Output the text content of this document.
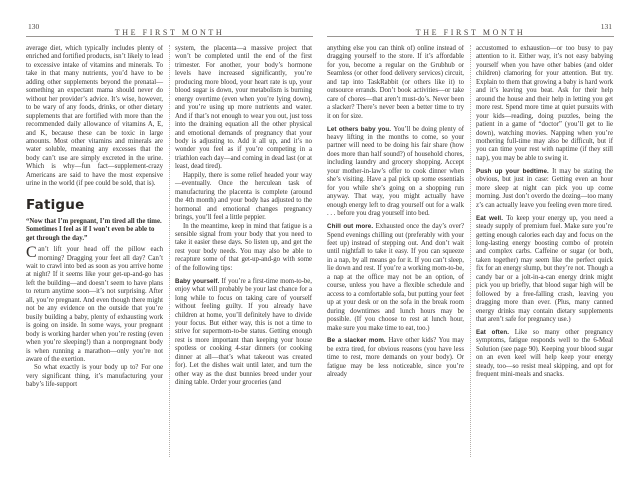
130
THE FIRST MONTH

average diet, which typically includes plenty of enriched and fortified products, isn’t likely to lead to excessive intake of vitamins and minerals. To take in that many nutrients, you’d have to be adding other supplements beyond the prenatal—something an expectant mama should never do without her provider’s advice. It’s wise, however, to be wary of any foods, drinks, or other dietary supplements that are fortified with more than the recommended daily allowance of vitamins A, E, and K, because these can be toxic in large amounts. Most other vitamins and minerals are water soluble, meaning any excesses that the body can’t use are simply excreted in the urine. Which is why—fun fact—supplement-crazy Americans are said to have the most expensive urine in the world (if pee could be sold, that is).

Fatigue

“Now that I’m pregnant, I’m tired all the time. Sometimes I feel as if I won’t even be able to get through the day.”

Can’t lift your head off the pillow each morning? Dragging your feet all day? Can’t wait to crawl into bed as soon as you arrive home at night? If it seems like your get-up-and-go has left the building—and doesn’t seem to have plans to return anytime soon—it’s not surprising. After all, you’re pregnant. And even though there might not be any evidence on the outside that you’re busily building a baby, plenty of exhausting work is going on inside. In some ways, your pregnant body is working harder when you’re resting (even when you’re sleeping!) than a nonpregnant body is when running a marathon—only you’re not aware of the exertion.

So what exactly is your body up to? For one very significant thing, it’s manufacturing your baby’s life-support

system, the placenta—a massive project that won’t be completed until the end of the first trimester. For another, your body’s hormone levels have increased significantly, you’re producing more blood, your heart rate is up, your blood sugar is down, your metabolism is burning energy overtime (even when you’re lying down), and you’re using up more nutrients and water. And if that’s not enough to wear you out, just toss into the draining equation all the other physical and emotional demands of pregnancy that your body is adjusting to. Add it all up, and it’s no wonder you feel as if you’re competing in a triathlon each day—and coming in dead last (or at least, dead tired).

Happily, there is some relief headed your way—eventually. Once the herculean task of manufacturing the placenta is complete (around the 4th month) and your body has adjusted to the hormonal and emotional changes pregnancy brings, you’ll feel a little peppier.

In the meantime, keep in mind that fatigue is a sensible signal from your body that you need to take it easier these days. So listen up, and get the rest your body needs. You may also be able to recapture some of that get-up-and-go with some of the following tips:

Baby yourself. If you’re a first-time mom-to-be, enjoy what will probably be your last chance for a long while to focus on taking care of yourself without feeling guilty. If you already have children at home, you’ll definitely have to divide your focus. But either way, this is not a time to strive for supermom-to-be status. Getting enough rest is more important than keeping your house spotless or cooking 4-star dinners (or cooking dinner at all—that’s what takeout was created for). Let the dishes wait until later, and turn the other way as the dust bunnies breed under your dining table. Order your groceries (and

THE FIRST MONTH
131

anything else you can think of) online instead of dragging yourself to the store. If it’s affordable for you, become a regular on the Grubhub or Seamless (or other food delivery services) circuit, and tap into TaskRabbit (or others like it) to outsource errands. Don’t book activities—or take care of chores—that aren’t must-do’s. Never been a slacker? There’s never been a better time to try it on for size.

Let others baby you. You’ll be doing plenty of heavy lifting in the months to come, so your partner will need to be doing his fair share (how does more than half sound?) of household chores, including laundry and grocery shopping. Accept your mother-in-law’s offer to cook dinner when she’s visiting. Have a pal pick up some essentials for you while she’s going on a shopping run anyway. That way, you might actually have enough energy left to drag yourself out for a walk . . . before you drag yourself into bed.

Chill out more. Exhausted once the day’s over? Spend evenings chilling out (preferably with your feet up) instead of stepping out. And don’t wait until nightfall to take it easy. If you can squeeze in a nap, by all means go for it. If you can’t sleep, lie down and rest. If you’re a working mom-to-be, a nap at the office may not be an option, of course, unless you have a flexible schedule and access to a comfortable sofa, but putting your feet up at your desk or on the sofa in the break room during downtimes and lunch hours may be possible. (If you choose to rest at lunch hour, make sure you make time to eat, too.)

Be a slacker mom. Have other kids? You may be extra tired, for obvious reasons (you have less time to rest, more demands on your body). Or fatigue may be less noticeable, since you’re already

accustomed to exhaustion—or too busy to pay attention to it. Either way, it’s not easy babying yourself when you have other babies (and older children) clamoring for your attention. But try. Explain to them that growing a baby is hard work and it’s leaving you beat. Ask for their help around the house and their help in letting you get more rest. Spend more time at quiet pursuits with your kids—reading, doing puzzles, being the patient in a game of “doctor” (you’ll get to lie down), watching movies. Napping when you’re mothering full-time may also be difficult, but if you can time your rest with naptime (if they still nap), you may be able to swing it.

Push up your bedtime. It may be stating the obvious, but just in case: Getting even an hour more sleep at night can pick you up come morning. Just don’t overdo the dozing—too many z’s can actually leave you feeling even more tired.

Eat well. To keep your energy up, you need a steady supply of premium fuel. Make sure you’re getting enough calories each day and focus on the long-lasting energy boosting combo of protein and complex carbs. Caffeine or sugar (or both, taken together) may seem like the perfect quick fix for an energy slump, but they’re not. Though a candy bar or a jolt-in-a-can energy drink might pick you up briefly, that blood sugar high will be followed by a free-falling crash, leaving you dragging more than ever. (Plus, many canned energy drinks may contain dietary supplements that aren’t safe for pregnancy use.)

Eat often. Like so many other pregnancy symptoms, fatigue responds well to the 6-Meal Solution (see page 90). Keeping your blood sugar on an even keel will help keep your energy steady, too—so resist meal skipping, and opt for frequent mini-meals and snacks.
